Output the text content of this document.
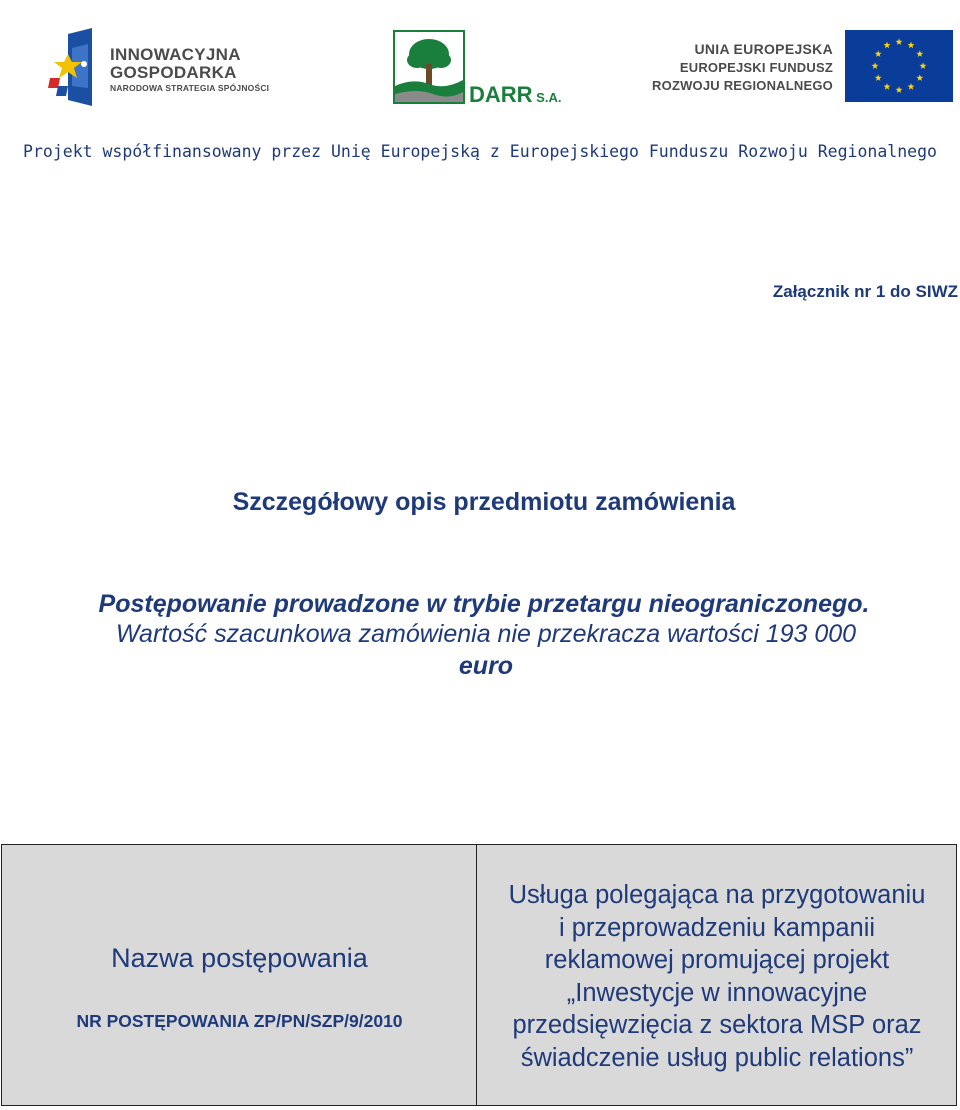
INNOWACYJNA
GOSPODARKA
NARODOWA STRATEGIA SPÓJNOŚCI	DARR S.A.
UNIA EUROPEJSKA
EUROPEJSKI FUNDUSZ
ROZWOJU REGIONALNEGO
Projekt współfinansowany przez Unię Europejską z Europejskiego Funduszu Rozwoju Regionalnego
Załącznik nr 1 do SIWZ
Szczegółowy opis przedmiotu zamówienia
Postępowanie prowadzone w trybie przetargu nieograniczonego.
Wartość szacunkowa zamówienia nie przekracza wartości 193 000
euro
Nazwa postępowania
NR POSTĘPOWANIA ZP/PN/SZP/9/2010
Usługa polegająca na przygotowaniu
i przeprowadzeniu kampanii
reklamowej promującej projekt
„Inwestycje w innowacyjne
przedsięwzięcia z sektora MSP oraz
świadczenie usług public relations”
